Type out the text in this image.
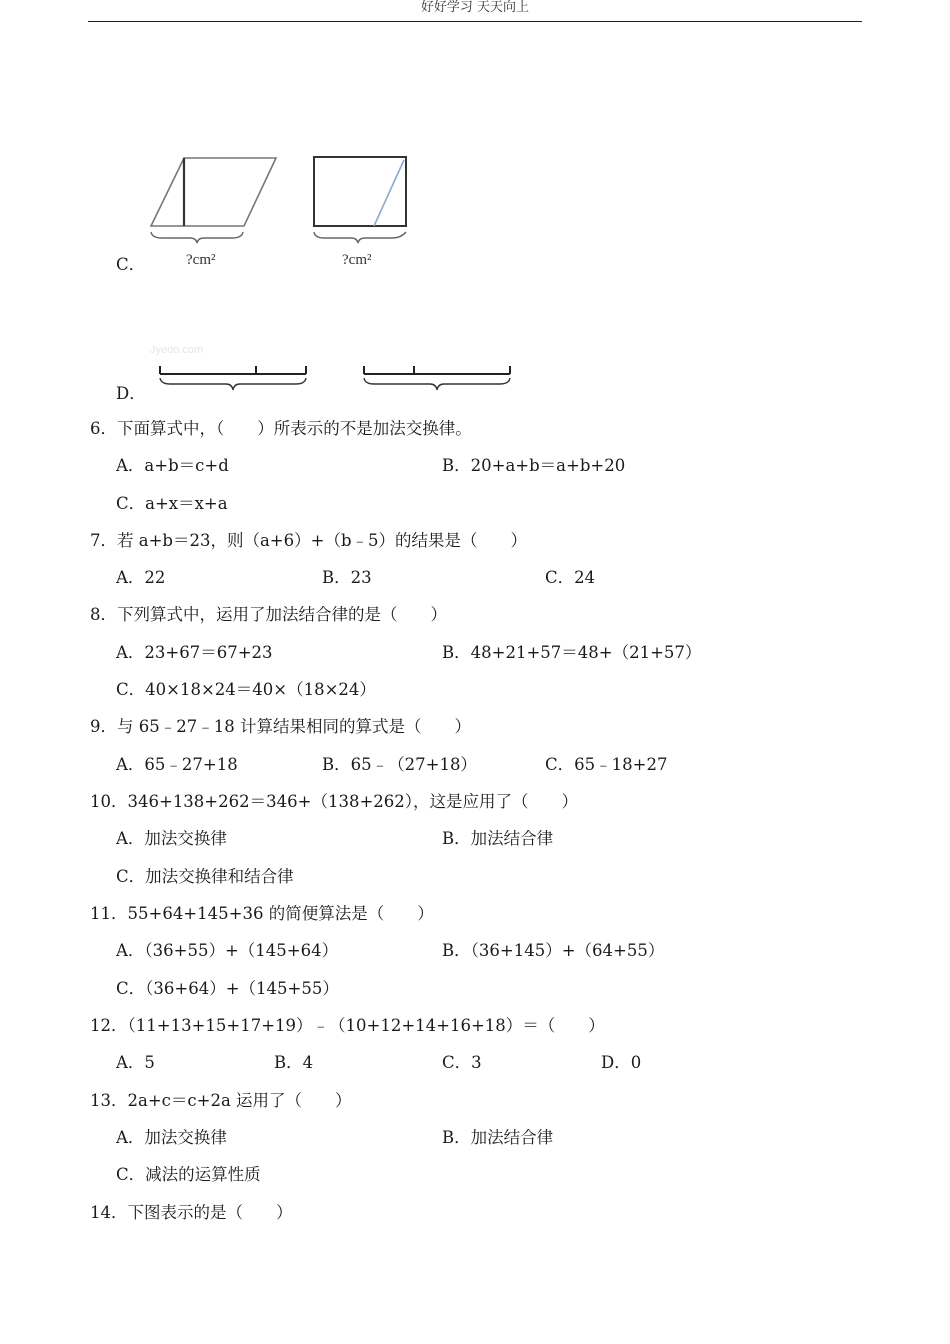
好好学习 天天向上
?cm²	?cm²
C．
Jyeoo.com
D．
6．下面算式中，（　　）所表示的不是加法交换律。
A．a+b＝c+d	B．20+a+b＝a+b+20
C．a+x＝x+a
7．若 a+b＝23，则（a+6）+（b﹣5）的结果是（　　）
A．22	B．23	C．24
8．下列算式中，运用了加法结合律的是（　　）
A．23+67＝67+23	B．48+21+57＝48+（21+57）
C．40×18×24＝40×（18×24）
9．与 65﹣27﹣18 计算结果相同的算式是（　　）
A．65﹣27+18	B．65﹣（27+18）	C．65﹣18+27
10．346+138+262＝346+（138+262），这是应用了（　　）
A．加法交换律	B．加法结合律
C．加法交换律和结合律
11．55+64+145+36 的简便算法是（　　）
A．（36+55）+（145+64）	B．（36+145）+（64+55）
C．（36+64）+（145+55）
12．（11+13+15+17+19）﹣（10+12+14+16+18）＝（　　）
A．5	B．4	C．3	D．0
13．2a+c＝c+2a 运用了（　　）
A．加法交换律	B．加法结合律
C．减法的运算性质
14．下图表示的是（　　）
